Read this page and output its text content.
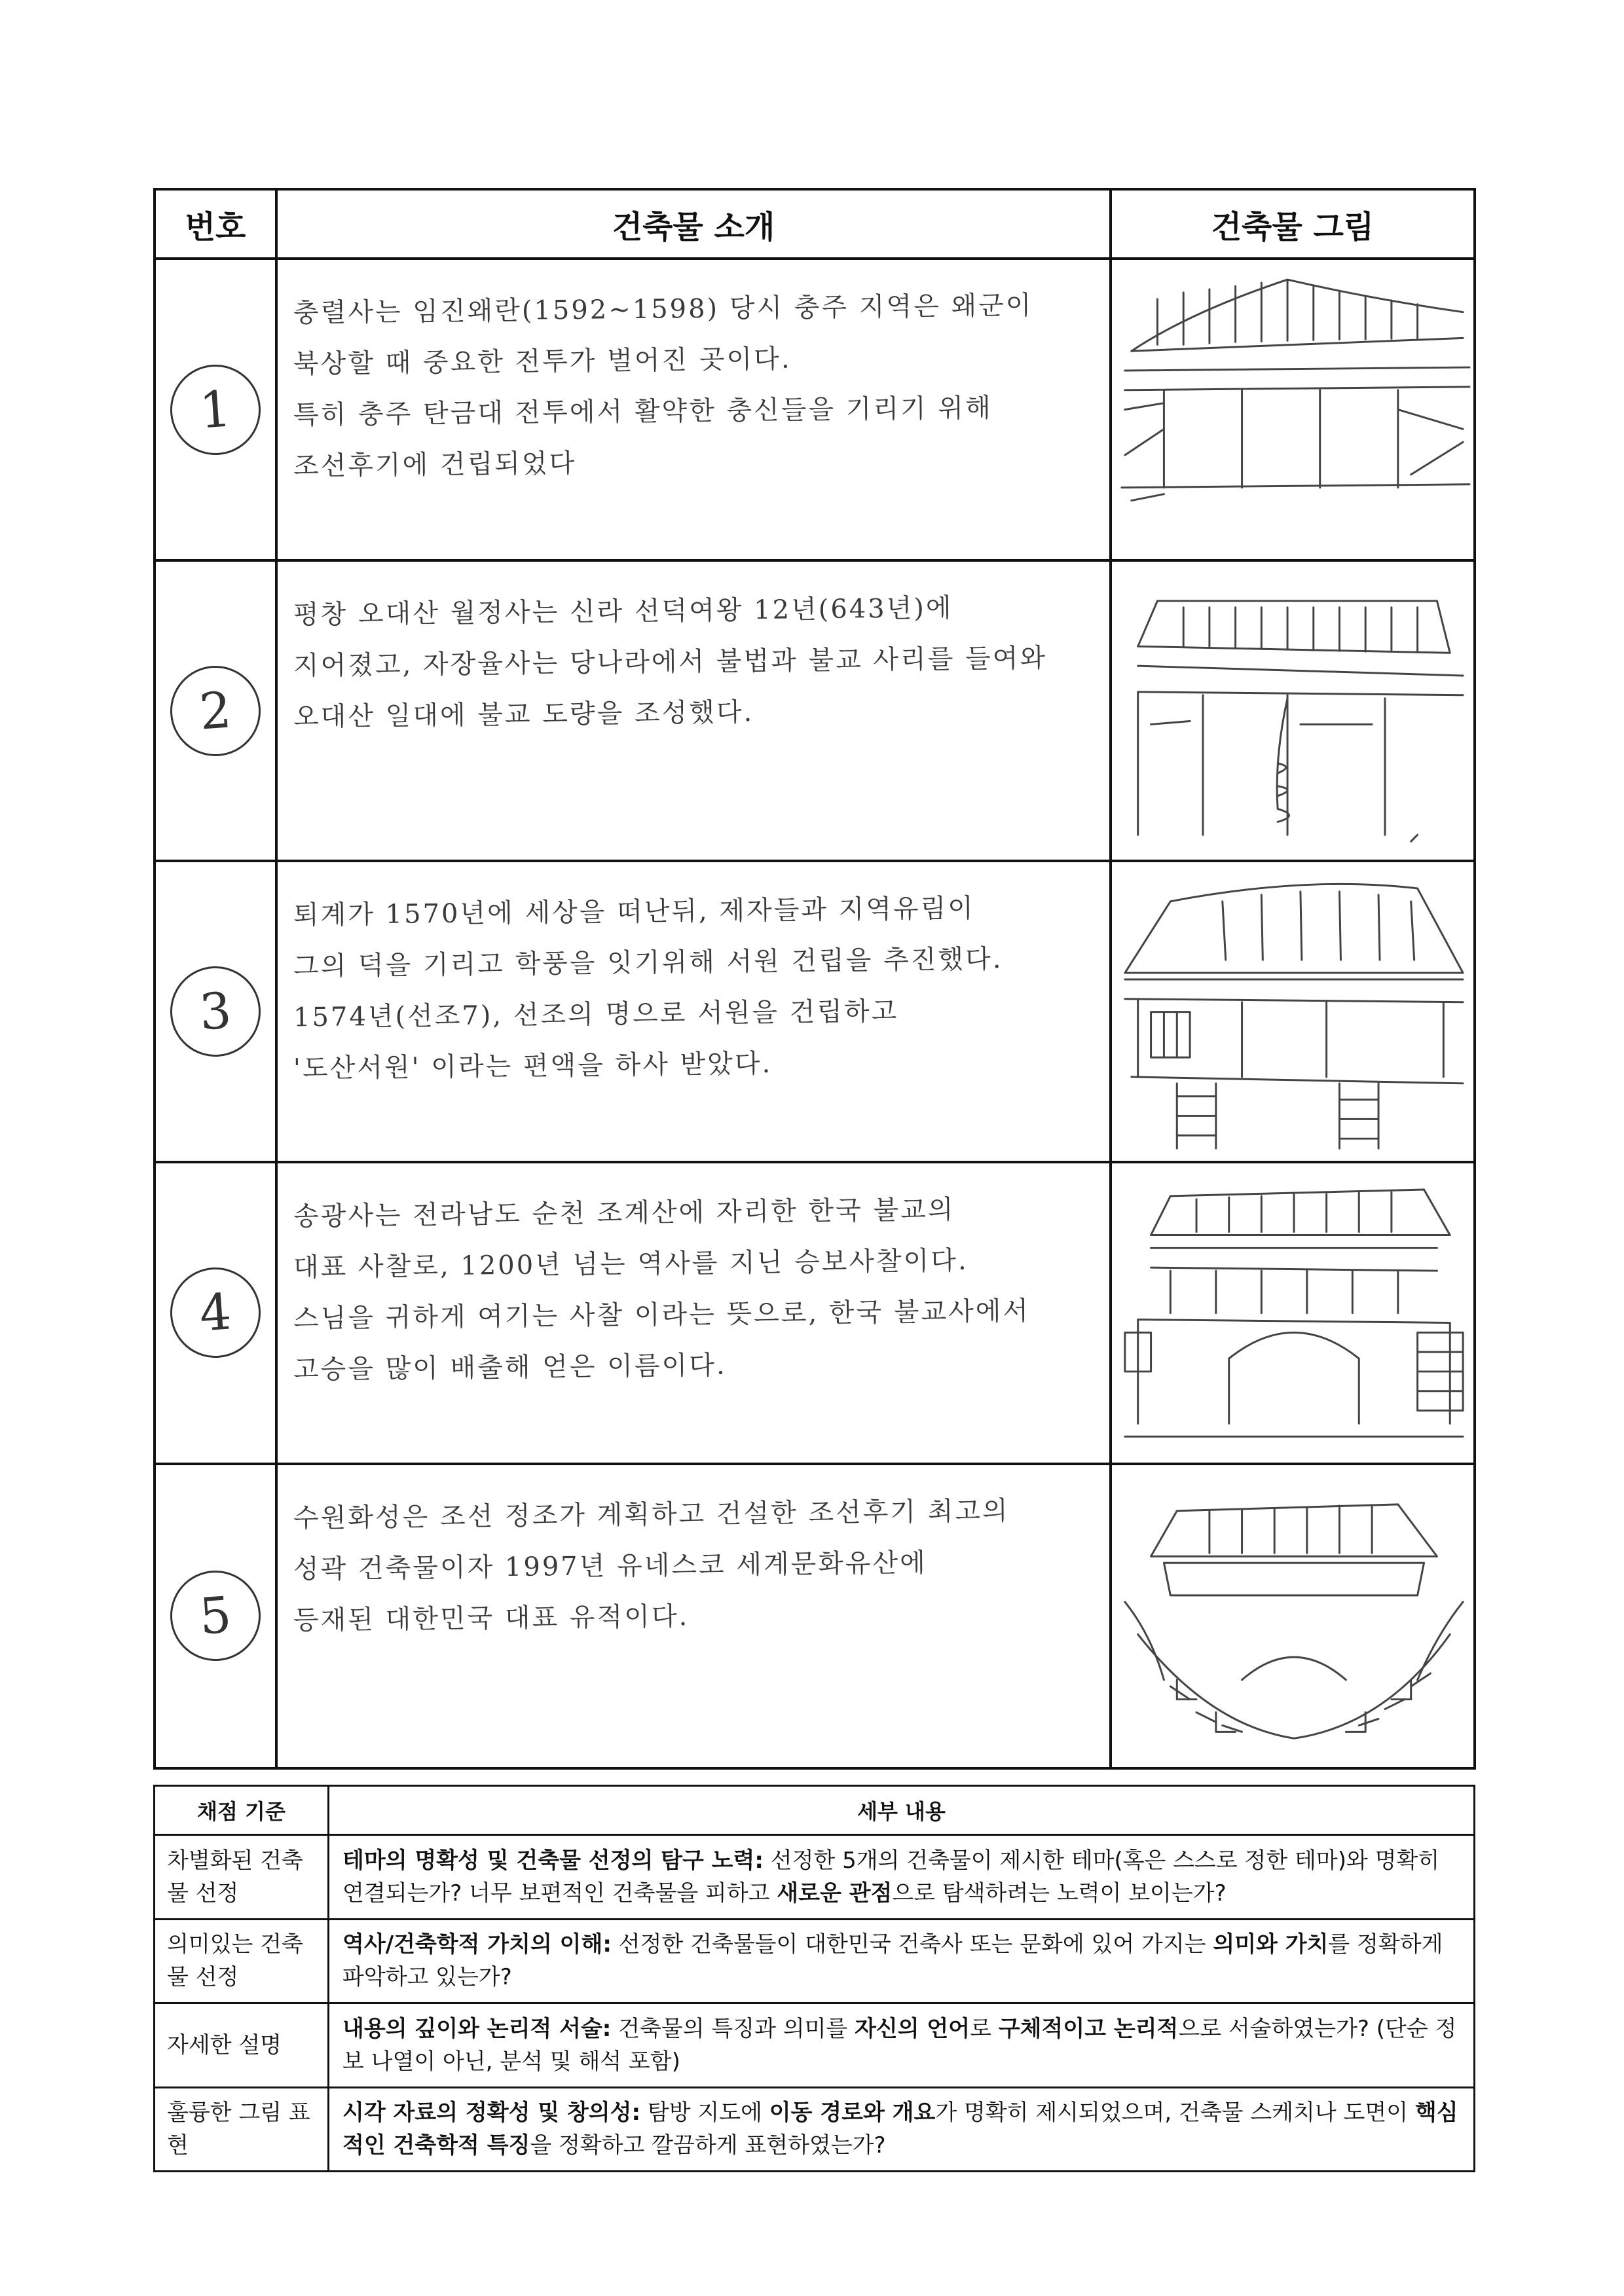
번호	건축물 소개	건축물 그림
1	충렬사는 임진왜란(1592~1598) 당시 충주 지역은 왜군이
북상할 때 중요한 전투가 벌어진 곳이다.
특히 충주 탄금대 전투에서 활약한 충신들을 기리기 위해
조선후기에 건립되었다

2	평창 오대산 월정사는 신라 선덕여왕 12년(643년)에
지어졌고, 자장율사는 당나라에서 불법과 불교 사리를 들여와
오대산 일대에 불교 도량을 조성했다.

3	퇴계가 1570년에 세상을 떠난뒤, 제자들과 지역유림이
그의 덕을 기리고 학풍을 잇기위해 서원 건립을 추진했다.
1574년(선조7), 선조의 명으로 서원을 건립하고
'도산서원' 이라는 편액을 하사 받았다.

4	송광사는 전라남도 순천 조계산에 자리한 한국 불교의
대표 사찰로, 1200년 넘는 역사를 지닌 승보사찰이다.
스님을 귀하게 여기는 사찰 이라는 뜻으로, 한국 불교사에서
고승을 많이 배출해 얻은 이름이다.

5	수원화성은 조선 정조가 계획하고 건설한 조선후기 최고의
성곽 건축물이자 1997년 유네스코 세계문화유산에
등재된 대한민국 대표 유적이다.

채점 기준	세부 내용
차별화된 건축물 선정	테마의 명확성 및 건축물 선정의 탐구 노력: 선정한 5개의 건축물이 제시한 테마(혹은 스스로 정한 테마)와 명확히 연결되는가? 너무 보편적인 건축물을 피하고 새로운 관점으로 탐색하려는 노력이 보이는가?
의미있는 건축물 선정	역사/건축학적 가치의 이해: 선정한 건축물들이 대한민국 건축사 또는 문화에 있어 가지는 의미와 가치를 정확하게 파악하고 있는가?
자세한 설명	내용의 깊이와 논리적 서술: 건축물의 특징과 의미를 자신의 언어로 구체적이고 논리적으로 서술하였는가? (단순 정보 나열이 아닌, 분석 및 해석 포함)
훌륭한 그림 표현	시각 자료의 정확성 및 창의성: 탐방 지도에 이동 경로와 개요가 명확히 제시되었으며, 건축물 스케치나 도면이 핵심적인 건축학적 특징을 정확하고 깔끔하게 표현하였는가?
